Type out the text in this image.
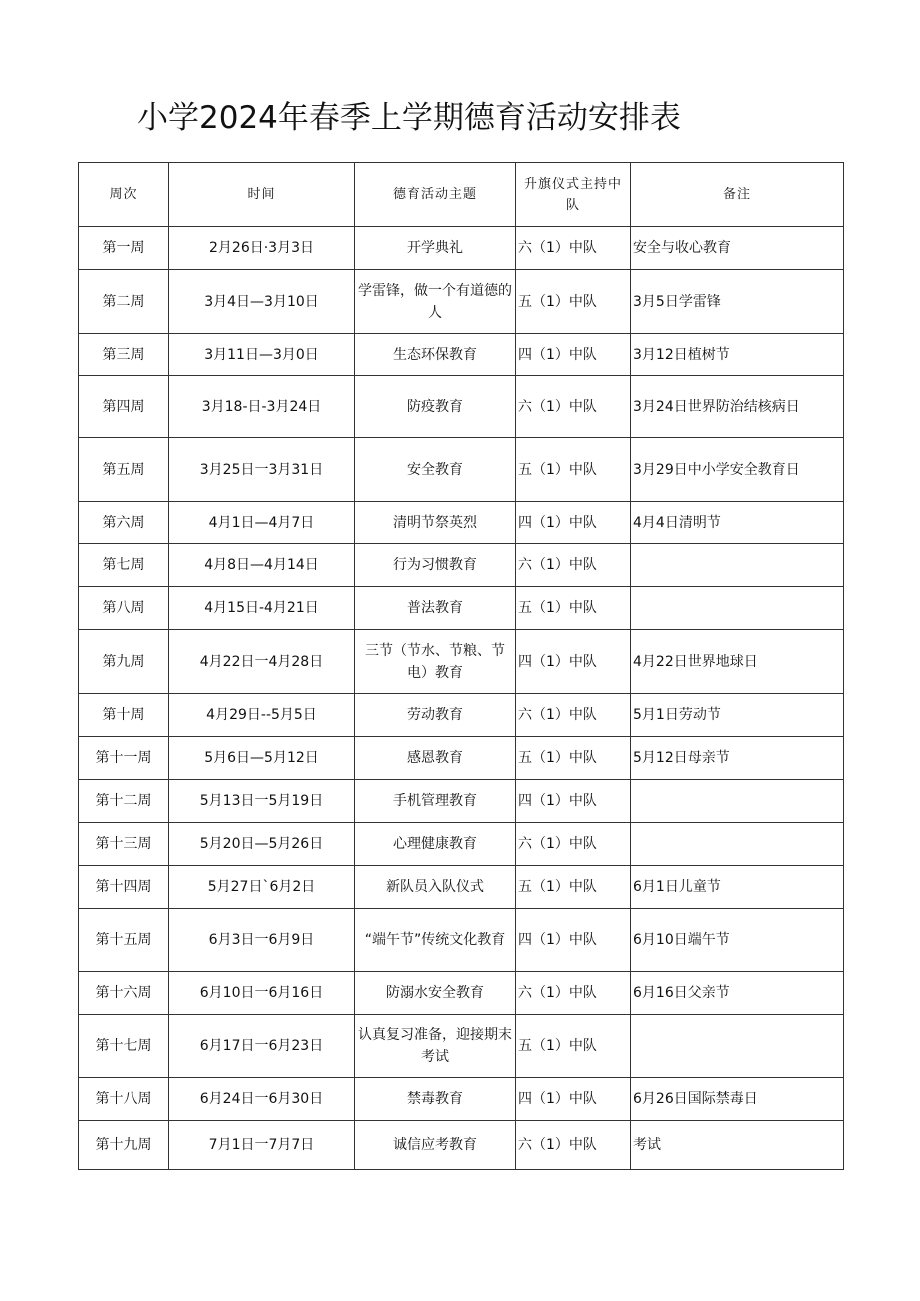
小学2024年春季上学期德育活动安排表
周次	时间	德育活动主题	升旗仪式主持中队	备注
第一周	2月26日·3月3日	开学典礼	六（1）中队	安全与收心教育
第二周	3月4日—3月10日	学雷锋，做一个有道德的人	五（1）中队	3月5日学雷锋
第三周	3月11日—3月0日	生态环保教育	四（1）中队	3月12日植树节
第四周	3月18-日-3月24日	防疫教育	六（1）中队	3月24日世界防治结核病日
第五周	3月25日一3月31日	安全教育	五（1）中队	3月29日中小学安全教育日
第六周	4月1日—4月7日	清明节祭英烈	四（1）中队	4月4日清明节
第七周	4月8日—4月14日	行为习惯教育	六（1）中队	
第八周	4月15日-4月21日	普法教育	五（1）中队	
第九周	4月22日一4月28日	三节（节水、节粮、节电）教育	四（1）中队	4月22日世界地球日
第十周	4月29日--5月5日	劳动教育	六（1）中队	5月1日劳动节
第十一周	5月6日—5月12日	感恩教育	五（1）中队	5月12日母亲节
第十二周	5月13日一5月19日	手机管理教育	四（1）中队	
第十三周	5月20日—5月26日	心理健康教育	六（1）中队	
第十四周	5月27日`6月2日	新队员入队仪式	五（1）中队	6月1日儿童节
第十五周	6月3日一6月9日	“端午节”传统文化教育	四（1）中队	6月10日端午节
第十六周	6月10日一6月16日	防溺水安全教育	六（1）中队	6月16日父亲节
第十七周	6月17日一6月23日	认真复习准备，迎接期末考试	五（1）中队	
第十八周	6月24日一6月30日	禁毒教育	四（1）中队	6月26日国际禁毒日
第十九周	7月1日一7月7日	诚信应考教育	六（1）中队	考试
